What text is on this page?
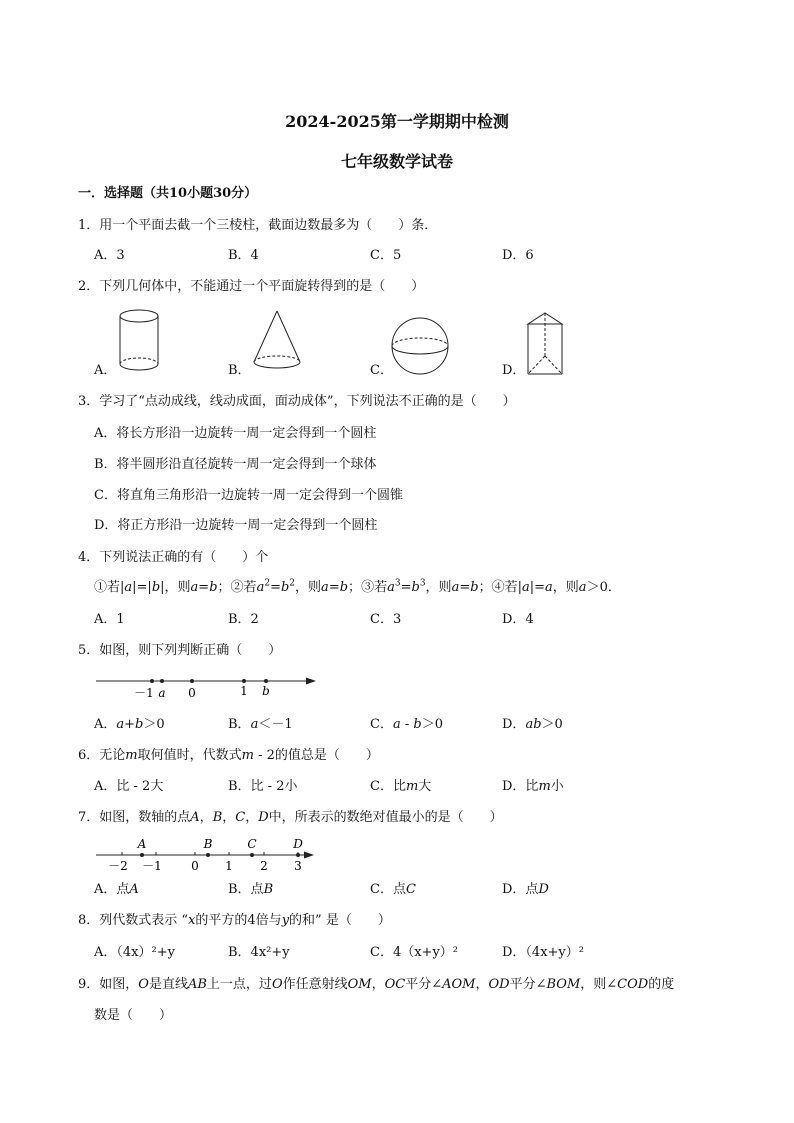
2024-2025第一学期期中检测
七年级数学试卷
一．选择题（共10小题30分）
1．用一个平面去截一个三棱柱，截面边数最多为（　　）条．
A．3	B．4	C．5	D．6
2．下列几何体中，不能通过一个平面旋转得到的是（　　）
A．	B．	C．	D．
3．学习了“点动成线，线动成面，面动成体”，下列说法不正确的是（　　）
A．将长方形沿一边旋转一周一定会得到一个圆柱
B．将半圆形沿直径旋转一周一定会得到一个球体
C．将直角三角形沿一边旋转一周一定会得到一个圆锥
D．将正方形沿一边旋转一周一定会得到一个圆柱
4．下列说法正确的有（　　）个
①若|a|=|b|，则a=b；②若$a^2=b^2$，则a=b；③若$a^3=b^3$，则a=b；④若|a|=a，则a＞0．
A．1	B．2	C．3	D．4
5．如图，则下列判断正确（　　）
－1 a 0	1 b
A．a+b＞0	B．a＜－1	C．a - b＞0	D．ab＞0
6．无论m取何值时，代数式m - 2的值总是（　　）
A．比 - 2大	B．比 - 2小	C．比m大	D．比m小
7．如图，数轴的点A，B，C，D中，所表示的数绝对值最小的是（　　）
A	B	C	D
－2 －1 0 1 2 3
A．点A	B．点B	C．点C	D．点D
8．列代数式表示 “x的平方的4倍与y的和” 是（　　）
A．（4x）²+y	B．4x²+y	C．4（x+y）²	D．（4x+y）²
9．如图，O是直线AB上一点，过O作任意射线OM，OC平分∠AOM，OD平分∠BOM，则∠COD的度
数是（　　）
